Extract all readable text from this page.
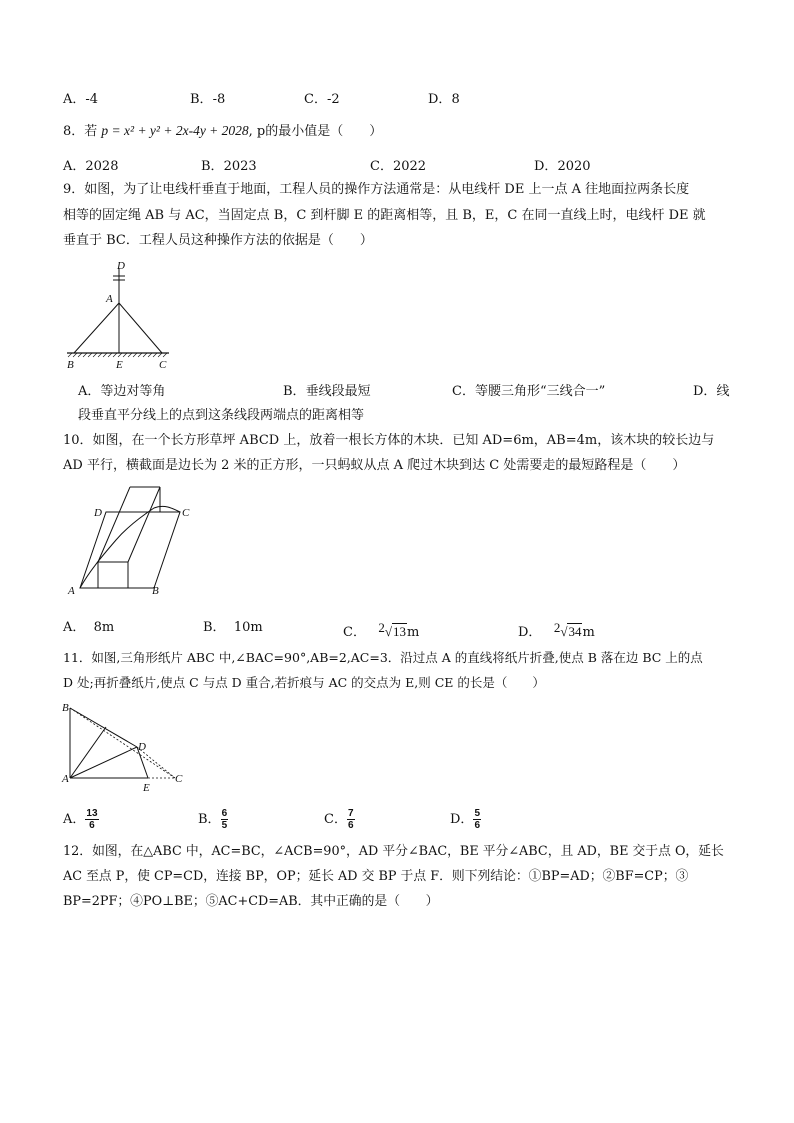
A．-4	B．-8	C．-2	D．8
8．若 p = x² + y² + 2x-4y + 2028, p的最小值是（　　）
A．2028	B．2023	C．2022	D．2020
9．如图，为了让电线杆垂直于地面，工程人员的操作方法通常是：从电线杆 DE 上一点 A 往地面拉两条长度
相等的固定绳 AB 与 AC，当固定点 B，C 到杆脚 E 的距离相等，且 B，E，C 在同一直线上时，电线杆 DE 就
垂直于 BC．工程人员这种操作方法的依据是（　　）
D
A
B	E	C
A．等边对等角	B．垂线段最短	C．等腰三角形“三线合一”	D．线
段垂直平分线上的点到这条线段两端点的距离相等
10．如图，在一个长方形草坪 ABCD 上，放着一根长方体的木块．已知 AD=6m，AB=4m，该木块的较长边与
AD 平行，横截面是边长为 2 米的正方形，一只蚂蚁从点 A 爬过木块到达 C 处需要走的最短路程是（　　）
A	B
C
D
A． 8m	B． 10m	C． 2√13m	D． 2√34m
11．如图,三角形纸片 ABC 中,∠BAC=90°,AB=2,AC=3．沿过点 A 的直线将纸片折叠,使点 B 落在边 BC 上的点
D 处;再折叠纸片,使点 C 与点 D 重合,若折痕与 AC 的交点为 E,则 CE 的长是（　　）
B
D
A
E
C
A． $\frac{13}{6}$	B． $\frac{6}{5}$	C． $\frac{7}{6}$	D． $\frac{5}{6}$
12．如图，在△ABC 中，AC=BC，∠ACB=90°，AD 平分∠BAC，BE 平分∠ABC，且 AD，BE 交于点 O，延长
AC 至点 P，使 CP=CD，连接 BP，OP；延长 AD 交 BP 于点 F．则下列结论：①BP=AD；②BF=CP；③
BP=2PF；④PO⊥BE；⑤AC+CD=AB．其中正确的是（　　）
